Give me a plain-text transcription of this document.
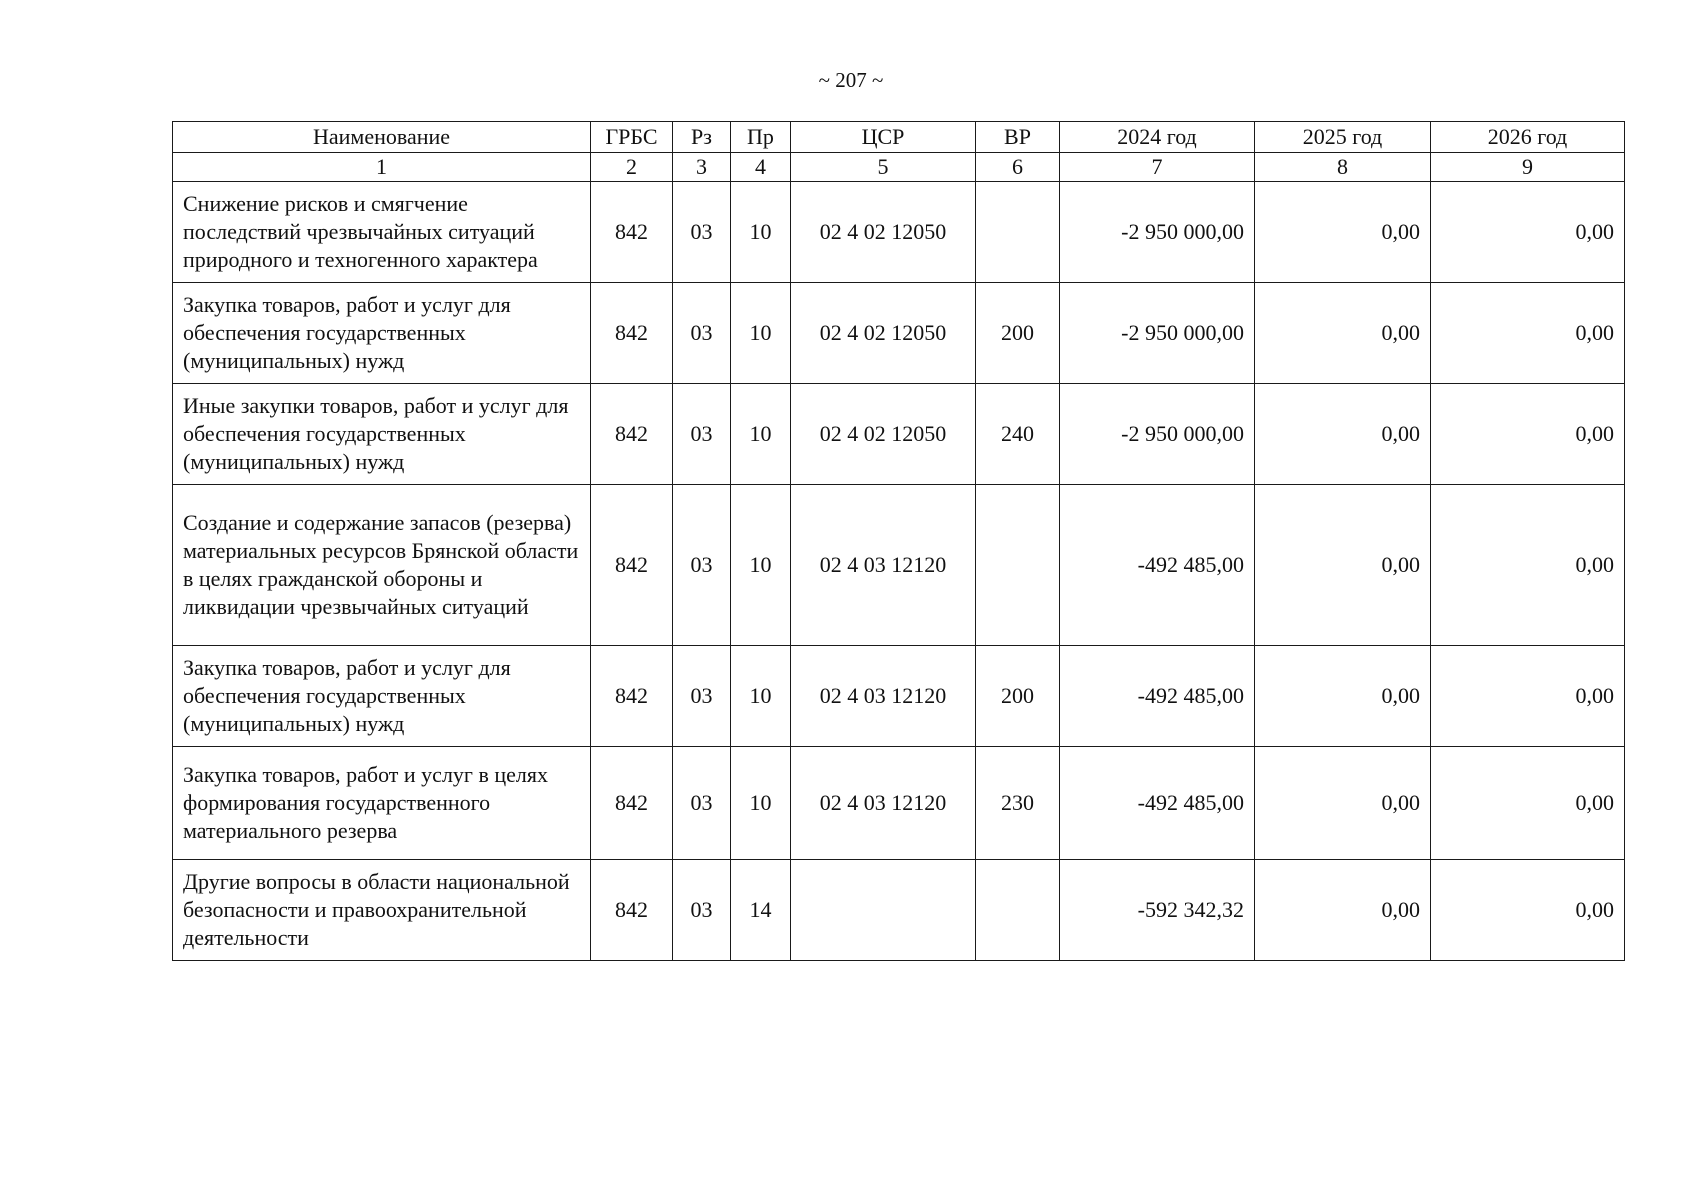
~ 207 ~
Наименование	ГРБС	Рз	Пр	ЦСР	ВР	2024 год	2025 год	2026 год
1	2	3	4	5	6	7	8	9
Снижение рисков и смягчение последствий чрезвычайных ситуаций природного и техногенного характера	842	03	10	02 4 02 12050		-2 950 000,00	0,00	0,00
Закупка товаров, работ и услуг для обеспечения государственных (муниципальных) нужд	842	03	10	02 4 02 12050	200	-2 950 000,00	0,00	0,00
Иные закупки товаров, работ и услуг для обеспечения государственных (муниципальных) нужд	842	03	10	02 4 02 12050	240	-2 950 000,00	0,00	0,00
Создание и содержание запасов (резерва) материальных ресурсов Брянской области в целях гражданской обороны и ликвидации чрезвычайных ситуаций	842	03	10	02 4 03 12120		-492 485,00	0,00	0,00
Закупка товаров, работ и услуг для обеспечения государственных (муниципальных) нужд	842	03	10	02 4 03 12120	200	-492 485,00	0,00	0,00
Закупка товаров, работ и услуг в целях формирования государственного материального резерва	842	03	10	02 4 03 12120	230	-492 485,00	0,00	0,00
Другие вопросы в области национальной безопасности и правоохранительной деятельности	842	03	14			-592 342,32	0,00	0,00
